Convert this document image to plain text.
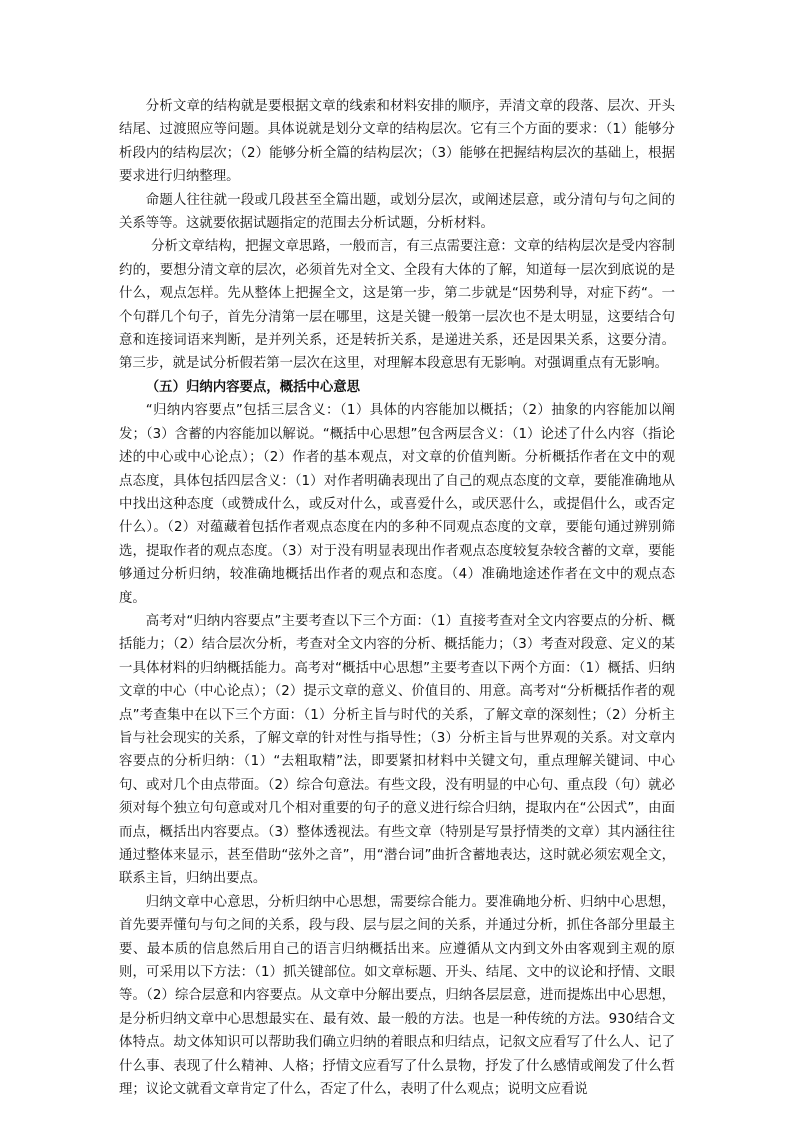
分析文章的结构就是要根据文章的线索和材料安排的顺序，弄清文章的段落、层次、开头结尾、过渡照应等问题。具体说就是划分文章的结构层次。它有三个方面的要求：（1）能够分析段内的结构层次；（2）能够分析全篇的结构层次；（3）能够在把握结构层次的基础上，根据要求进行归纳整理。

命题人往往就一段或几段甚至全篇出题，或划分层次，或阐述层意，或分清句与句之间的关系等等。这就要依据试题指定的范围去分析试题，分析材料。

分析文章结构，把握文章思路，一般而言，有三点需要注意：文章的结构层次是受内容制约的，要想分清文章的层次，必须首先对全文、全段有大体的了解，知道每一层次到底说的是什么，观点怎样。先从整体上把握全文，这是第一步，第二步就是“因势利导，对症下药“。一个句群几个句子，首先分清第一层在哪里，这是关键一般第一层次也不是太明显，这要结合句意和连接词语来判断，是并列关系，还是转折关系，是递进关系，还是因果关系，这要分清。第三步，就是试分析假若第一层次在这里，对理解本段意思有无影响。对强调重点有无影响。

（五）归纳内容要点，概括中心意思

“归纳内容要点”包括三层含义：（1）具体的内容能加以概括；（2）抽象的内容能加以阐发；（3）含蓄的内容能加以解说。“概括中心思想”包含两层含义：（1）论述了什么内容（指论述的中心或中心论点）；（2）作者的基本观点，对文章的价值判断。分析概括作者在文中的观点态度，具体包括四层含义：（1）对作者明确表现出了自己的观点态度的文章，要能准确地从中找出这种态度（或赞成什么，或反对什么，或喜爱什么，或厌恶什么，或提倡什么，或否定什么）。（2）对蕴藏着包括作者观点态度在内的多种不同观点态度的文章，要能句通过辨别筛选，提取作者的观点态度。（3）对于没有明显表现出作者观点态度较复杂较含蓄的文章，要能够通过分析归纳，较准确地概括出作者的观点和态度。（4）准确地途述作者在文中的观点态度。

高考对“归纳内容要点”主要考查以下三个方面：（1）直接考查对全文内容要点的分析、概括能力；（2）结合层次分析，考查对全文内容的分析、概括能力；（3）考查对段意、定义的某一具体材料的归纳概括能力。高考对“概括中心思想”主要考查以下两个方面：（1）概括、归纳文章的中心（中心论点）；（2）提示文章的意义、价值目的、用意。高考对“分析概括作者的观点”考查集中在以下三个方面：（1）分析主旨与时代的关系，了解文章的深刻性；（2）分析主旨与社会现实的关系，了解文章的针对性与指导性；（3）分析主旨与世界观的关系。对文章内容要点的分析归纳：（1）“去粗取精”法，即要紧扣材料中关键文句，重点理解关键词、中心句、或对几个由点带面。（2）综合句意法。有些文段，没有明显的中心句、重点段（句）就必须对每个独立句句意或对几个相对重要的句子的意义进行综合归纳，提取内在“公因式”，由面而点，概括出内容要点。（3）整体透视法。有些文章（特别是写景抒情类的文章）其内涵往往通过整体来显示，甚至借助“弦外之音”，用“潜台词”曲折含蓄地表达，这时就必须宏观全文，联系主旨，归纳出要点。

归纳文章中心意思，分析归纳中心思想，需要综合能力。要准确地分析、归纳中心思想，首先要弄懂句与句之间的关系，段与段、层与层之间的关系，并通过分析，抓住各部分里最主要、最本质的信息然后用自己的语言归纳概括出来。应遵循从文内到文外由客观到主观的原则，可采用以下方法：（1）抓关键部位。如文章标题、开头、结尾、文中的议论和抒情、文眼等。（2）综合层意和内容要点。从文章中分解出要点，归纳各层层意，进而提炼出中心思想，是分析归纳文章中心思想最实在、最有效、最一般的方法。也是一种传统的方法。930结合文体特点。劫文体知识可以帮助我们确立归纳的着眼点和归结点，记叙文应看写了什么人、记了什么事、表现了什么精神、人格；抒情文应看写了什么景物，抒发了什么感情或阐发了什么哲理；议论文就看文章肯定了什么，否定了什么，表明了什么观点；说明文应看说
